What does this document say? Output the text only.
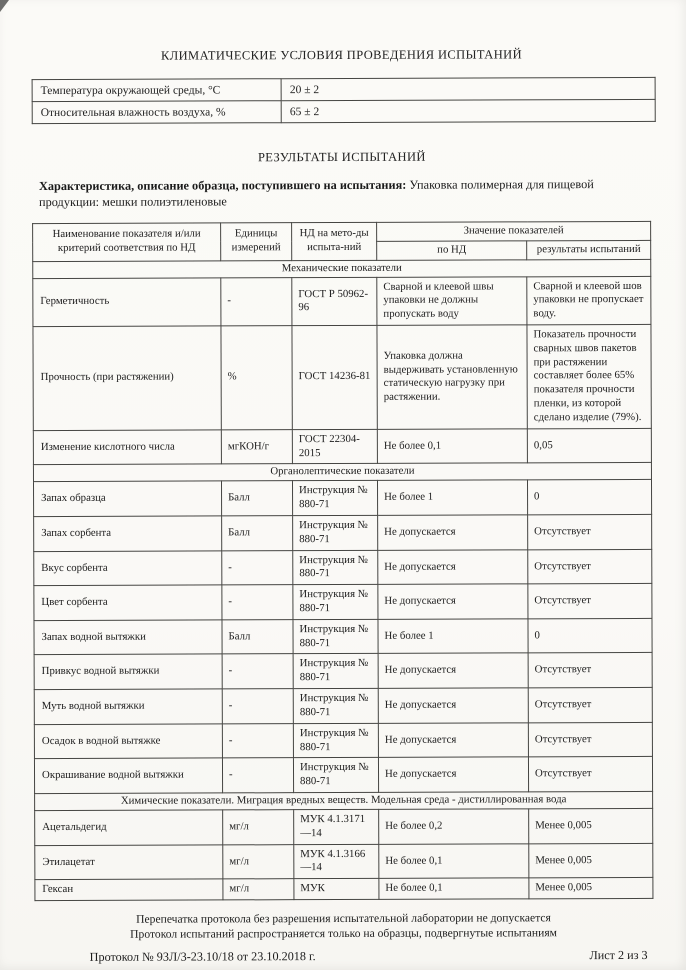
КЛИМАТИЧЕСКИЕ УСЛОВИЯ ПРОВЕДЕНИЯ ИСПЫТАНИЙ
Температура окружающей среды, °С	20 ± 2
Относительная влажность воздуха, %	65 ± 2
РЕЗУЛЬТАТЫ ИСПЫТАНИЙ

Характеристика, описание образца, поступившего на испытания: Упаковка полимерная для пищевой продукции: мешки полиэтиленовые

Наименование показателя и/или критерий соответствия по НД	Единицы измерений	НД на мето-ды испыта-ний	Значение показателей	
			по НД	результаты испытаний
Механические показатели				
Герметичность	-	ГОСТ Р 50962-96	Сварной и клеевой швы упаковки не должны пропускать воду	Сварной и клеевой шов упаковки не пропускает воду.
Прочность (при растяжении)	%	ГОСТ 14236-81	Упаковка должна выдерживать установленную статическую нагрузку при растяжении.	Показатель прочности сварных швов пакетов при растяжении составляет более 65% показателя прочности пленки, из которой сделано изделие (79%).
Изменение кислотного числа	мгКОН/г	ГОСТ 22304-2015	Не более 0,1	0,05
Органолептические показатели				
Запах образца	Балл	Инструкция № 880-71	Не более 1	0
Запах сорбента	Балл	Инструкция № 880-71	Не допускается	Отсутствует
Вкус сорбента	-	Инструкция № 880-71	Не допускается	Отсутствует
Цвет сорбента	-	Инструкция № 880-71	Не допускается	Отсутствует
Запах водной вытяжки	Балл	Инструкция № 880-71	Не более 1	0
Привкус водной вытяжки	-	Инструкция № 880-71	Не допускается	Отсутствует
Муть водной вытяжки	-	Инструкция № 880-71	Не допускается	Отсутствует
Осадок в водной вытяжке	-	Инструкция № 880-71	Не допускается	Отсутствует
Окрашивание водной вытяжки	-	Инструкция № 880-71	Не допускается	Отсутствует
Химические показатели. Миграция вредных веществ. Модельная среда - дистиллированная вода				
Ацетальдегид	мг/л	МУК 4.1.3171—14	Не более 0,2	Менее 0,005
Этилацетат	мг/л	МУК 4.1.3166—14	Не более 0,1	Менее 0,005
Гексан	мг/л	МУК	Не более 0,1	Менее 0,005
Перепечатка протокола без разрешения испытательной лаборатории не допускается
Протокол испытаний распространяется только на образцы, подвергнутые испытаниям
Протокол № 93Л/3-23.10/18 от 23.10.2018 г.	Лист 2 из 3
